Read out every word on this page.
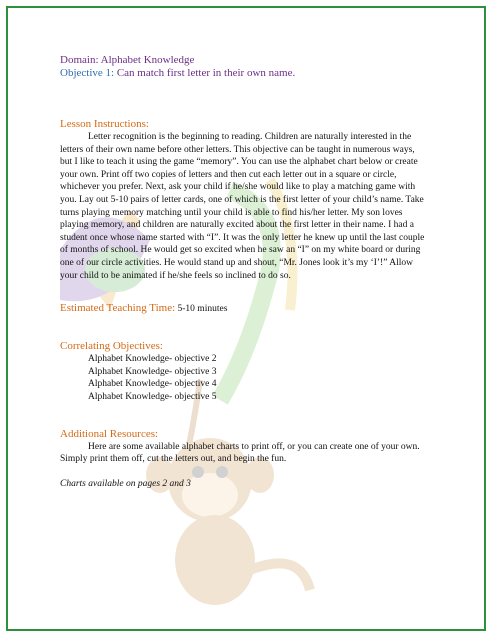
Domain: Alphabet Knowledge

Objective 1: Can match first letter in their own name.

Lesson Instructions:

Letter recognition is the beginning to reading. Children are naturally interested in the

letters of their own name before other letters. This objective can be taught in numerous ways,

but I like to teach it using the game “memory”. You can use the alphabet chart below or create

your own. Print off two copies of letters and then cut each letter out in a square or circle,

whichever you prefer. Next, ask your child if he/she would like to play a matching game with

you. Lay out 5-10 pairs of letter cards, one of which is the first letter of your child’s name. Take

turns playing memory matching until your child is able to find his/her letter. My son loves

playing memory, and children are naturally excited about the first letter in their name. I had a

student once whose name started with “I”. It was the only letter he knew up until the last couple

of months of school. He would get so excited when he saw an “I” on my white board or during

one of our circle activities. He would stand up and shout, “Mr. Jones look it’s my ‘I’!” Allow

your child to be animated if he/she feels so inclined to do so.

Estimated Teaching Time: 5-10 minutes

Correlating Objectives:

Alphabet Knowledge- objective 2

Alphabet Knowledge- objective 3

Alphabet Knowledge- objective 4

Alphabet Knowledge- objective 5

Additional Resources:

Here are some available alphabet charts to print off, or you can create one of your own.

Simply print them off, cut the letters out, and begin the fun.

Charts available on pages 2 and 3
